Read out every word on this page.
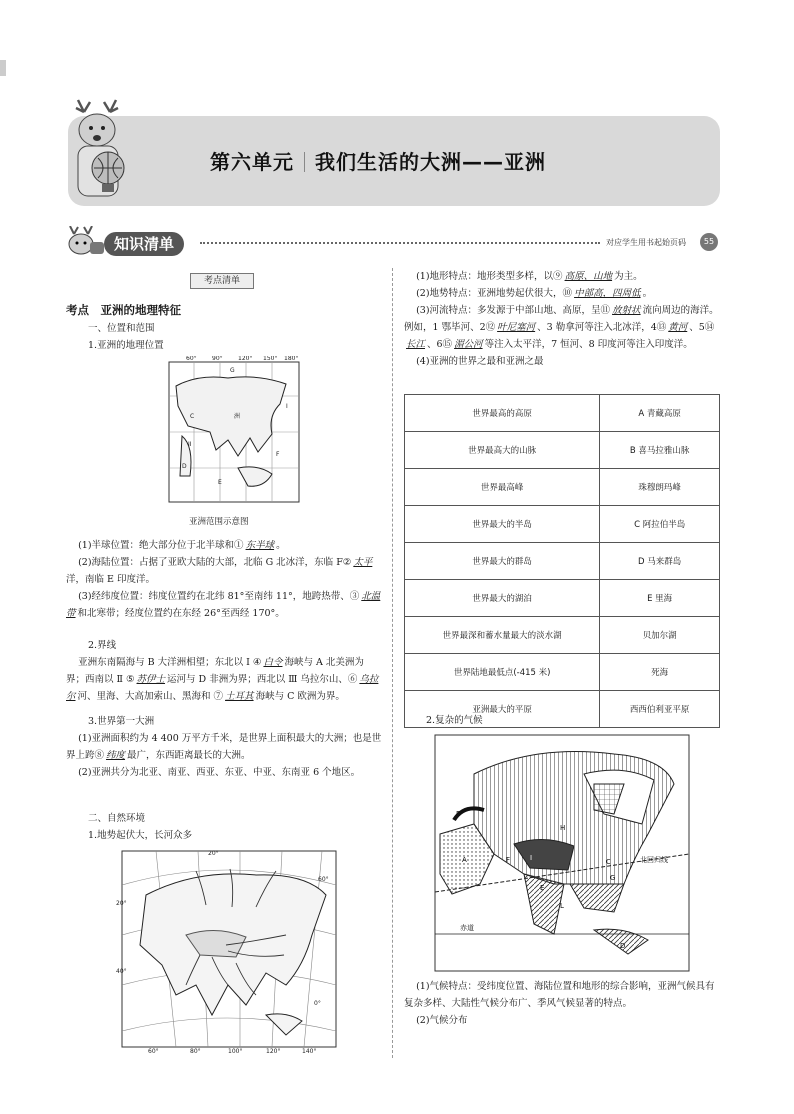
第六单元 我们生活的大洲——亚洲
知识清单	对应学生用书起始页码	55
考点清单
考点　亚洲的地理特征
一、位置和范围
1.亚洲的地理位置
60°	90°	120° 150° 180°
G
C	洲
I
II
F
D
E
亚洲范围示意图

(1)半球位置：绝大部分位于北半球和① 东半球 。

(2)海陆位置：占据了亚欧大陆的大部，北临 G 北冰洋，东临 F② 太平洋，南临 E 印度洋。

(3)经纬度位置：纬度位置约在北纬 81°至南纬 11°，地跨热带、③ 北温带 和北寒带；经度位置约在东经 26°至西经 170°。

2.界线

亚洲东南隔海与 B 大洋洲相望；东北以 Ⅰ ④ 白令 海峡与 A 北美洲为界；西南以 Ⅱ ⑤ 苏伊士 运河与 D 非洲为界；西北以 Ⅲ 乌拉尔山、⑥ 乌拉尔 河、里海、大高加索山、黑海和 ⑦ 土耳其 海峡与 C 欧洲为界。

3.世界第一大洲

(1)亚洲面积约为 4 400 万平方千米，是世界上面积最大的大洲；也是世界上跨⑧ 纬度 最广，东西距离最长的大洲。

(2)亚洲共分为北亚、南亚、西亚、东亚、中亚、东南亚 6 个地区。

二、自然环境
1.地势起伏大，长河众多
20°
60°
40°
20°
0°
60°	80°	100°	120°	140°

(1)地形特点：地形类型多样，以⑨ 高原、山地 为主。

(2)地势特点：亚洲地势起伏很大，⑩ 中部高，四周低 。

(3)河流特点：多发源于中部山地、高原，呈⑪ 放射状 流向周边的海洋。例如，1 鄂毕河、2⑫ 叶尼塞河 、3 勒拿河等注入北冰洋，4⑬ 黄河 、5⑭长江 、6⑮ 湄公河 等注入太平洋，7 恒河、8 印度河等注入印度洋。

(4)亚洲的世界之最和亚洲之最

世界最高的高原	A 青藏高原
世界最高大的山脉	B 喜马拉雅山脉
世界最高峰	珠穆朗玛峰
世界最大的半岛	C 阿拉伯半岛
世界最大的群岛	D 马来群岛
世界最大的湖泊	E 里海
世界最深和蓄水量最大的淡水湖	贝加尔湖
世界陆地最低点(-415 米)	死海
亚洲最大的平原	西西伯利亚平原
2.复杂的气候
北回归线
赤道
H
B
A	C
G
E
F	I
D
L

(1)气候特点：受纬度位置、海陆位置和地形的综合影响，亚洲气候具有复杂多样、大陆性气候分布广、季风气候显著的特点。

(2)气候分布
